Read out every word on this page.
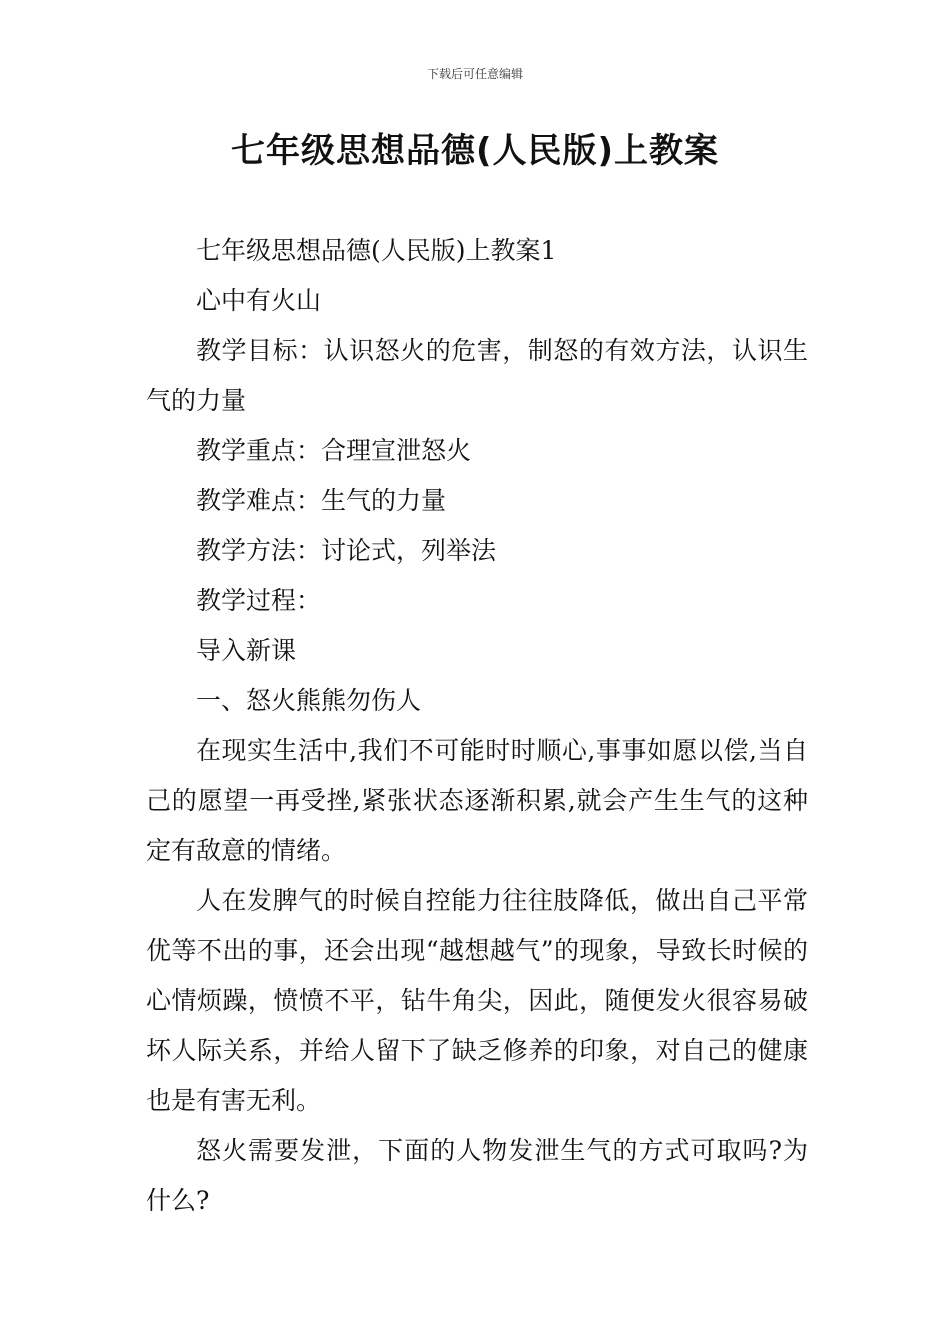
下载后可任意编辑
七年级思想品德(人民版)上教案

七年级思想品德(人民版)上教案1

心中有火山

教学目标：认识怒火的危害，制怒的有效方法，认识生气的力量

教学重点：合理宣泄怒火

教学难点：生气的力量

教学方法：讨论式，列举法

教学过程：

导入新课

一、怒火熊熊勿伤人

在现实生活中,我们不可能时时顺心,事事如愿以偿,当自己的愿望一再受挫,紧张状态逐渐积累,就会产生生气的这种定有敌意的情绪。

人在发脾气的时候自控能力往往肢降低，做出自己平常优等不出的事，还会出现“越想越气”的现象，导致长时候的心情烦躁，愤愤不平，钻牛角尖，因此，随便发火很容易破坏人际关系，并给人留下了缺乏修养的印象，对自己的健康也是有害无利。

怒火需要发泄，下面的人物发泄生气的方式可取吗?为什么?
